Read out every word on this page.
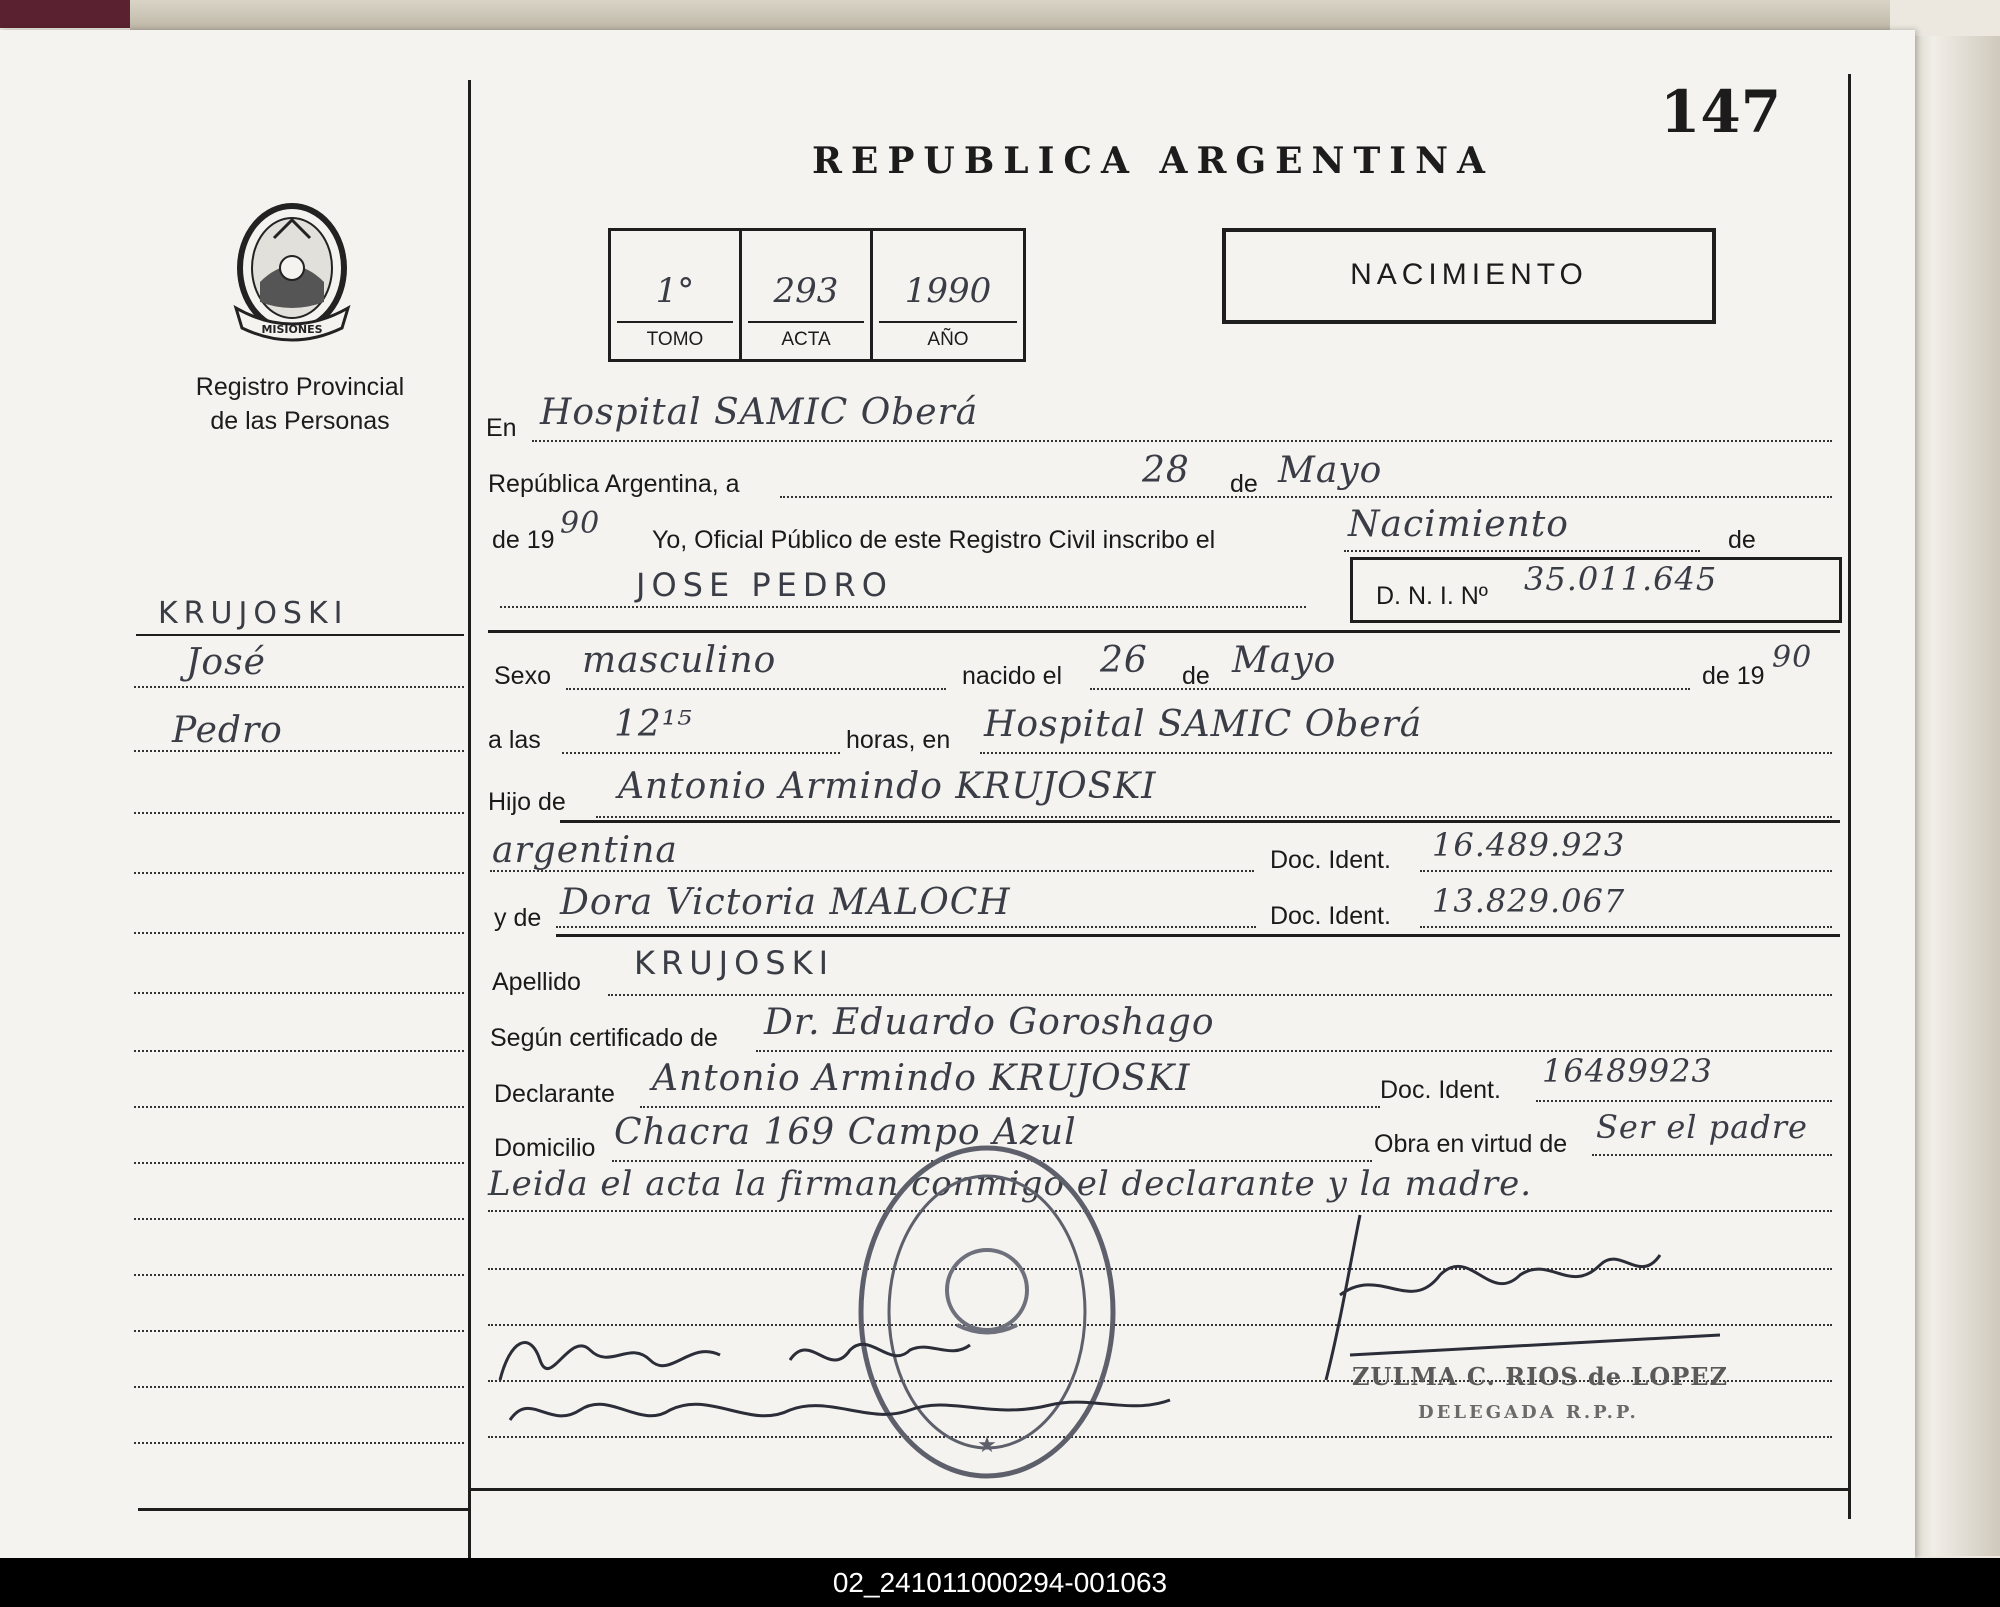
MISIONES
Registro Provincial
de las Personas
KRUJOSKI
José
Pedro
REPUBLICA ARGENTINA
147
1°
TOMO
293
ACTA
1990
AÑO
NACIMIENTO
En Hospital SAMIC Oberá
República Argentina, a	28 de Mayo
de 19 90 Yo, Oficial Público de este Registro Civil inscribo el	Nacimiento	de
JOSE PEDRO	D. N. I. Nº 35.011.645
Sexo masculino	nacido el 26 de Mayo	de 19
90
a las 12¹⁵	horas, en Hospital SAMIC Oberá
Hijo de Antonio Armindo KRUJOSKI
argentina	Doc. Ident. 16.489.923
y de Dora Victoria MALOCH	Doc. Ident. 13.829.067
Apellido KRUJOSKI
Según certificado de Dr. Eduardo Goroshago
Declarante Antonio Armindo KRUJOSKI	Doc. Ident. 16489923
Domicilio Chacra 169 Campo Azul	Obra en virtud de Ser el padre
Leida el acta la firman conmigo el declarante y la madre.
★
ZULMA C. RIOS de LOPEZ
DELEGADA R.P.P.
02_241011000294-001063
